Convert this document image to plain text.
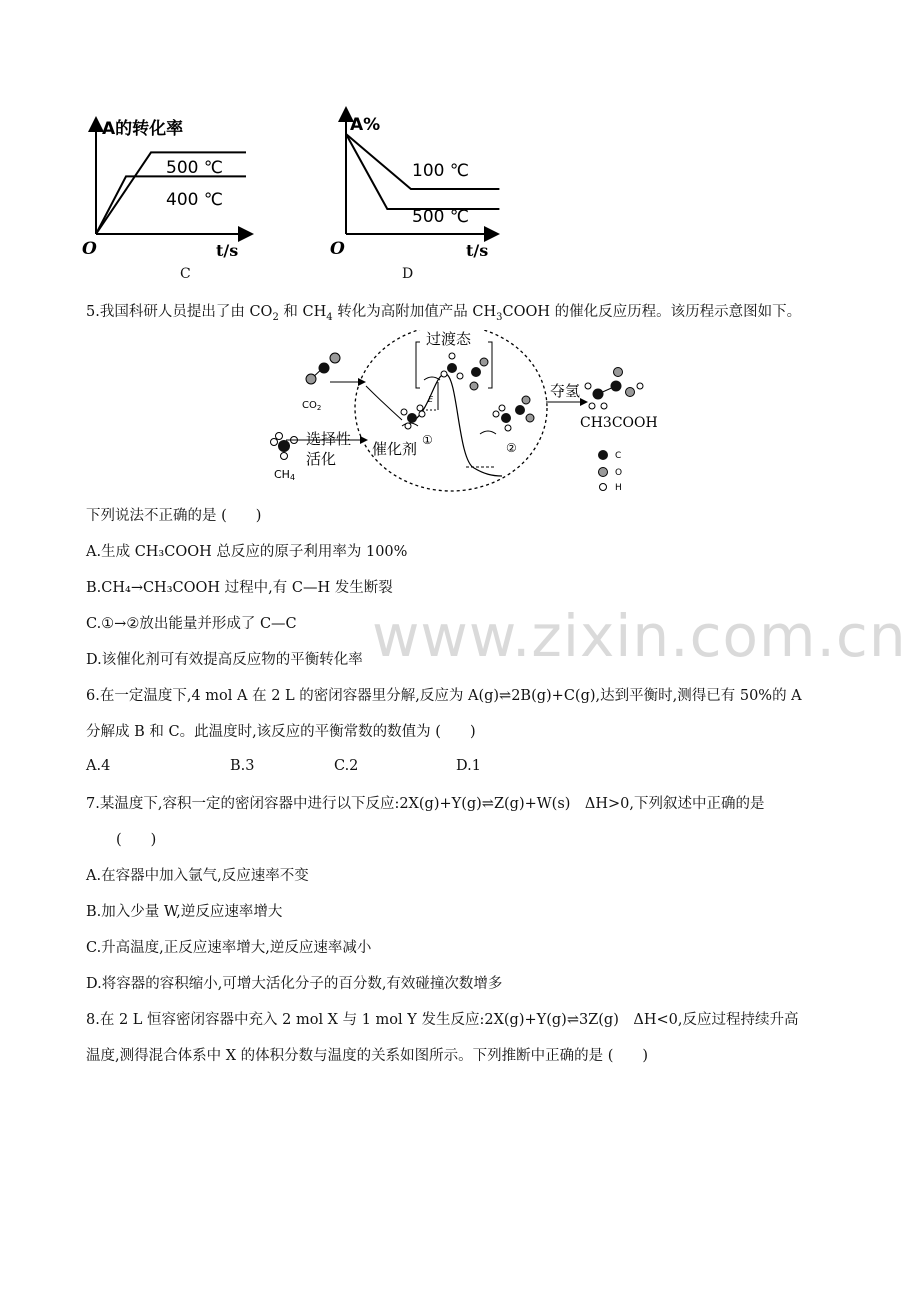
A的转化率
O	t/s
500 ℃
400 ℃
C
A%
O	t/s
100 ℃
500 ℃
D
5.我国科研人员提出了由 $CO_2$ 和 $CH_4$ 转化为高附加值产品 $CH_3COOH$ 的催化反应历程。该历程示意图如下。
$CO_2$
CH4
选择性
活化
催化剂 ①
②
E
过渡态
夺氢
CH3COOH
C
O
H
下列说法不正确的是 (　　)
A.生成 CH₃COOH 总反应的原子利用率为 100%
B.CH₄→CH₃COOH 过程中,有 C—H 发生断裂
C.①→②放出能量并形成了 C—C
D.该催化剂可有效提高反应物的平衡转化率 www.zixin.com.cn
6.在一定温度下,4 mol A 在 2 L 的密闭容器里分解,反应为 A(g)⇌2B(g)+C(g),达到平衡时,测得已有 50%的 A
分解成 B 和 C。此温度时,该反应的平衡常数的数值为 (　　)
A.4	B.3	C.2	D.1
7.某温度下,容积一定的密闭容器中进行以下反应:2X(g)+Y(g)⇌Z(g)+W(s)　ΔH>0,下列叙述中正确的是
(　　)
A.在容器中加入氩气,反应速率不变
B.加入少量 W,逆反应速率增大
C.升高温度,正反应速率增大,逆反应速率减小
D.将容器的容积缩小,可增大活化分子的百分数,有效碰撞次数增多
8.在 2 L 恒容密闭容器中充入 2 mol X 与 1 mol Y 发生反应:2X(g)+Y(g)⇌3Z(g)　ΔH<0,反应过程持续升高
温度,测得混合体系中 X 的体积分数与温度的关系如图所示。下列推断中正确的是 (　　)
